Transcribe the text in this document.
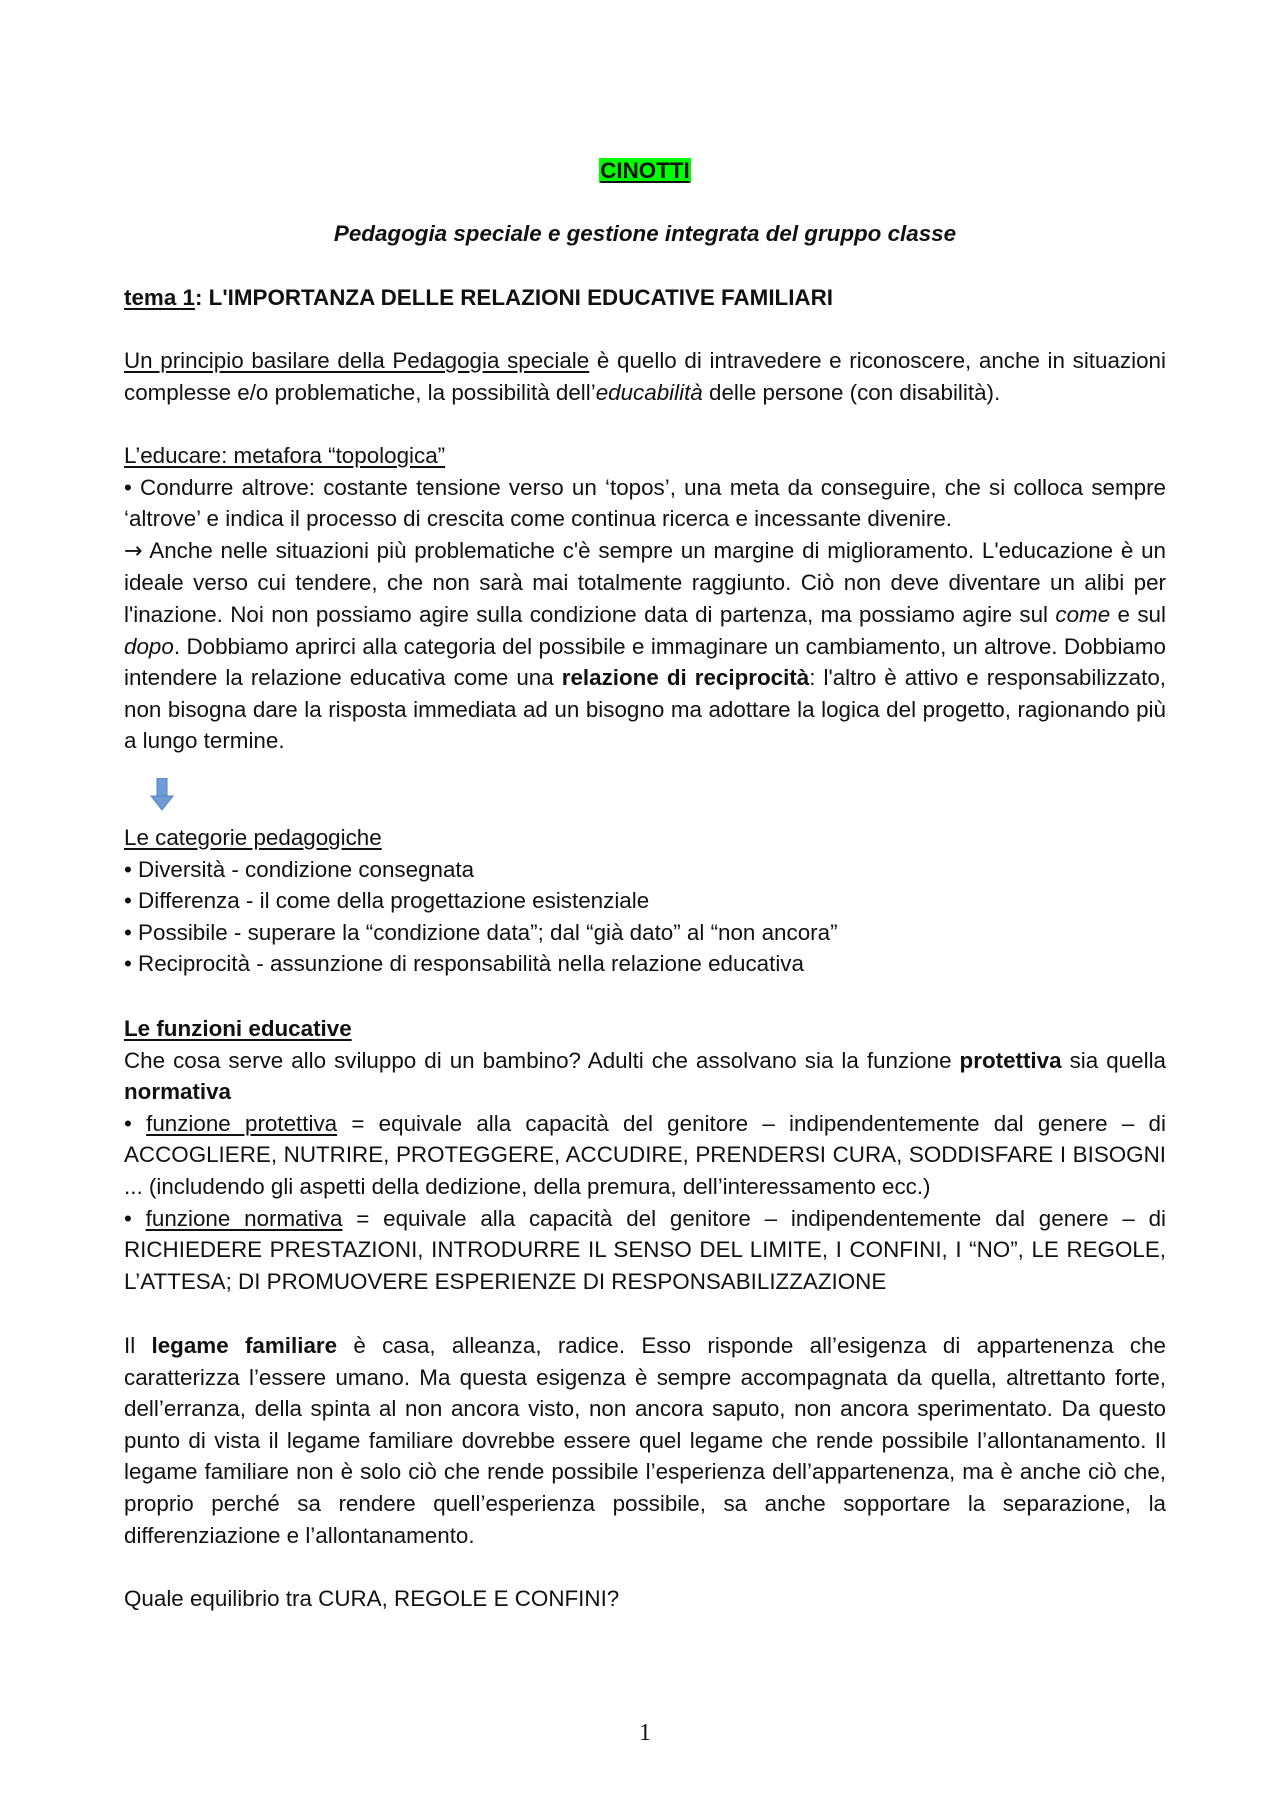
CINOTTI
Pedagogia speciale e gestione integrata del gruppo classe
tema 1: L'IMPORTANZA DELLE RELAZIONI EDUCATIVE FAMILIARI

Un principio basilare della Pedagogia speciale è quello di intravedere e riconoscere, anche in situazioni complesse e/o problematiche, la possibilità dell’educabilità delle persone (con disabilità).

L’educare: metafora “topologica”

• Condurre altrove: costante tensione verso un ‘topos’, una meta da conseguire, che si colloca sempre ‘altrove’ e indica il processo di crescita come continua ricerca e incessante divenire.

→ Anche nelle situazioni più problematiche c'è sempre un margine di miglioramento. L'educazione è un ideale verso cui tendere, che non sarà mai totalmente raggiunto. Ciò non deve diventare un alibi per l'inazione. Noi non possiamo agire sulla condizione data di partenza, ma possiamo agire sul come e sul dopo. Dobbiamo aprirci alla categoria del possibile e immaginare un cambiamento, un altrove. Dobbiamo intendere la relazione educativa come una relazione di reciprocità: l'altro è attivo e responsabilizzato, non bisogna dare la risposta immediata ad un bisogno ma adottare la logica del progetto, ragionando più a lungo termine.

Le categorie pedagogiche

• Diversità - condizione consegnata

• Differenza - il come della progettazione esistenziale

• Possibile - superare la “condizione data”; dal “già dato” al “non ancora”

• Reciprocità - assunzione di responsabilità nella relazione educativa

Le funzioni educative

Che cosa serve allo sviluppo di un bambino? Adulti che assolvano sia la funzione protettiva sia quella normativa

• funzione protettiva = equivale alla capacità del genitore – indipendentemente dal genere – di ACCOGLIERE, NUTRIRE, PROTEGGERE, ACCUDIRE, PRENDERSI CURA, SODDISFARE I BISOGNI ... (includendo gli aspetti della dedizione, della premura, dell’interessamento ecc.)

• funzione normativa = equivale alla capacità del genitore – indipendentemente dal genere – di RICHIEDERE PRESTAZIONI, INTRODURRE IL SENSO DEL LIMITE, I CONFINI, I “NO”, LE REGOLE, L’ATTESA; DI PROMUOVERE ESPERIENZE DI RESPONSABILIZZAZIONE

Il legame familiare è casa, alleanza, radice. Esso risponde all’esigenza di appartenenza che caratterizza l’essere umano. Ma questa esigenza è sempre accompagnata da quella, altrettanto forte, dell’erranza, della spinta al non ancora visto, non ancora saputo, non ancora sperimentato. Da questo punto di vista il legame familiare dovrebbe essere quel legame che rende possibile l’allontanamento. Il legame familiare non è solo ciò che rende possibile l’esperienza dell’appartenenza, ma è anche ciò che, proprio perché sa rendere quell’esperienza possibile, sa anche sopportare la separazione, la differenziazione e l’allontanamento.

Quale equilibrio tra CURA, REGOLE E CONFINI?

1
